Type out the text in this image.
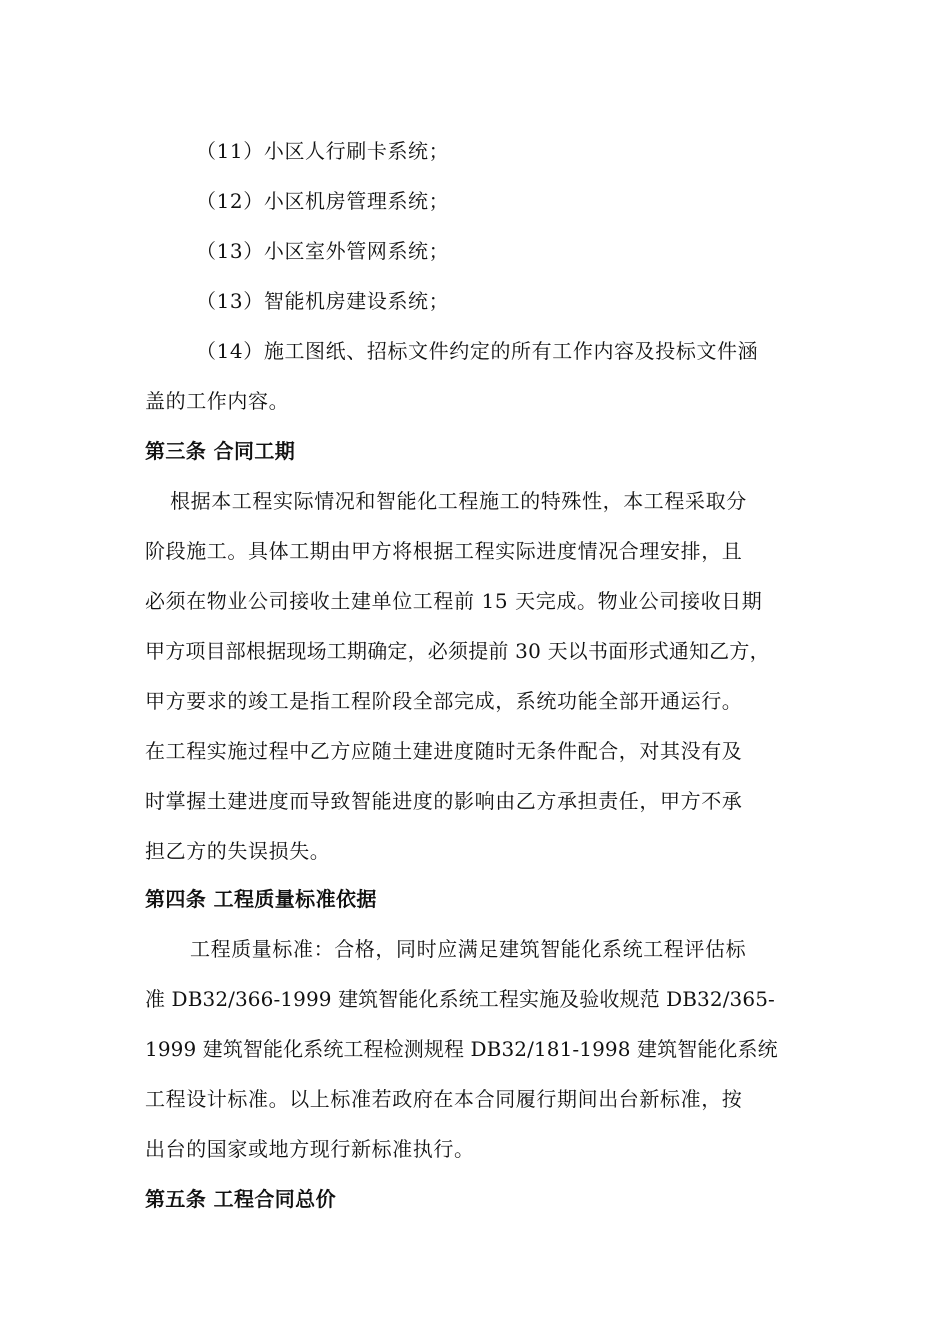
（11）小区人行刷卡系统；
（12）小区机房管理系统；
（13）小区室外管网系统；
（13）智能机房建设系统；
（14）施工图纸、招标文件约定的所有工作内容及投标文件涵
盖的工作内容。
第三条 合同工期
根据本工程实际情况和智能化工程施工的特殊性，本工程采取分
阶段施工。具体工期由甲方将根据工程实际进度情况合理安排，且
必须在物业公司接收土建单位工程前 15 天完成。物业公司接收日期
甲方项目部根据现场工期确定，必须提前 30 天以书面形式通知乙方，
甲方要求的竣工是指工程阶段全部完成，系统功能全部开通运行。
在工程实施过程中乙方应随土建进度随时无条件配合，对其没有及
时掌握土建进度而导致智能进度的影响由乙方承担责任，甲方不承
担乙方的失误损失。
第四条 工程质量标准依据
工程质量标准：合格，同时应满足建筑智能化系统工程评估标
准 DB32/366-1999 建筑智能化系统工程实施及验收规范 DB32/365-
1999 建筑智能化系统工程检测规程 DB32/181-1998 建筑智能化系统
工程设计标准。以上标准若政府在本合同履行期间出台新标准，按
出台的国家或地方现行新标准执行。
第五条 工程合同总价
